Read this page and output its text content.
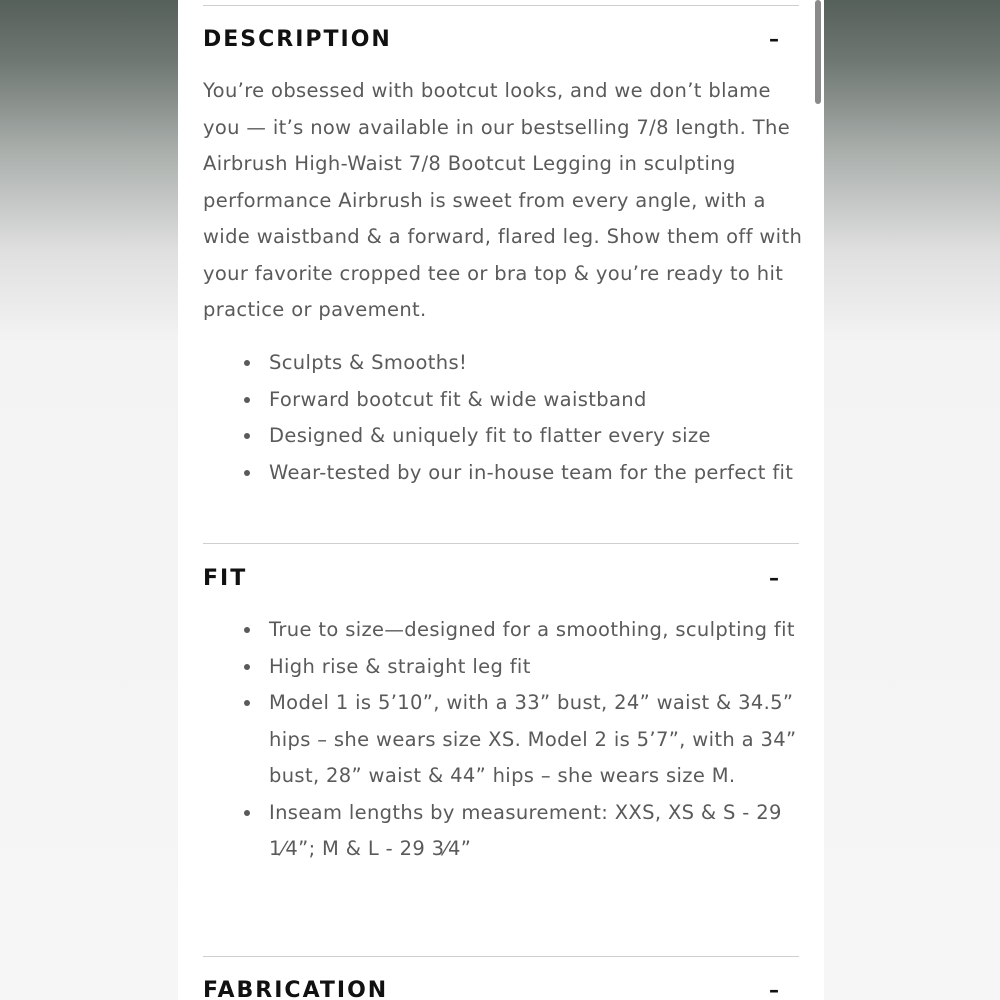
DESCRIPTION	–

You’re obsessed with bootcut looks, and we don’t blame you — it’s now available in our bestselling 7/8 length. The Airbrush High-Waist 7/8 Bootcut Legging in sculpting performance Airbrush is sweet from every angle, with a wide waistband & a forward, flared leg. Show them off with your favorite cropped tee or bra top & you’re ready to hit practice or pavement.

Sculpts & Smooths!
Forward bootcut fit & wide waistband
Designed & uniquely fit to flatter every size
Wear-tested by our in-house team for the perfect fit
FIT	–
True to size—designed for a smoothing, sculpting fit
High rise & straight leg fit
Model 1 is 5’10”, with a 33” bust, 24” waist & 34.5” hips – she wears size XS. Model 2 is 5’7”, with a 34” bust, 28” waist & 44” hips – she wears size M.
Inseam lengths by measurement: XXS, XS & S - 29 1⁄4”; M & L - 29 3⁄4”
FABRICATION	–
